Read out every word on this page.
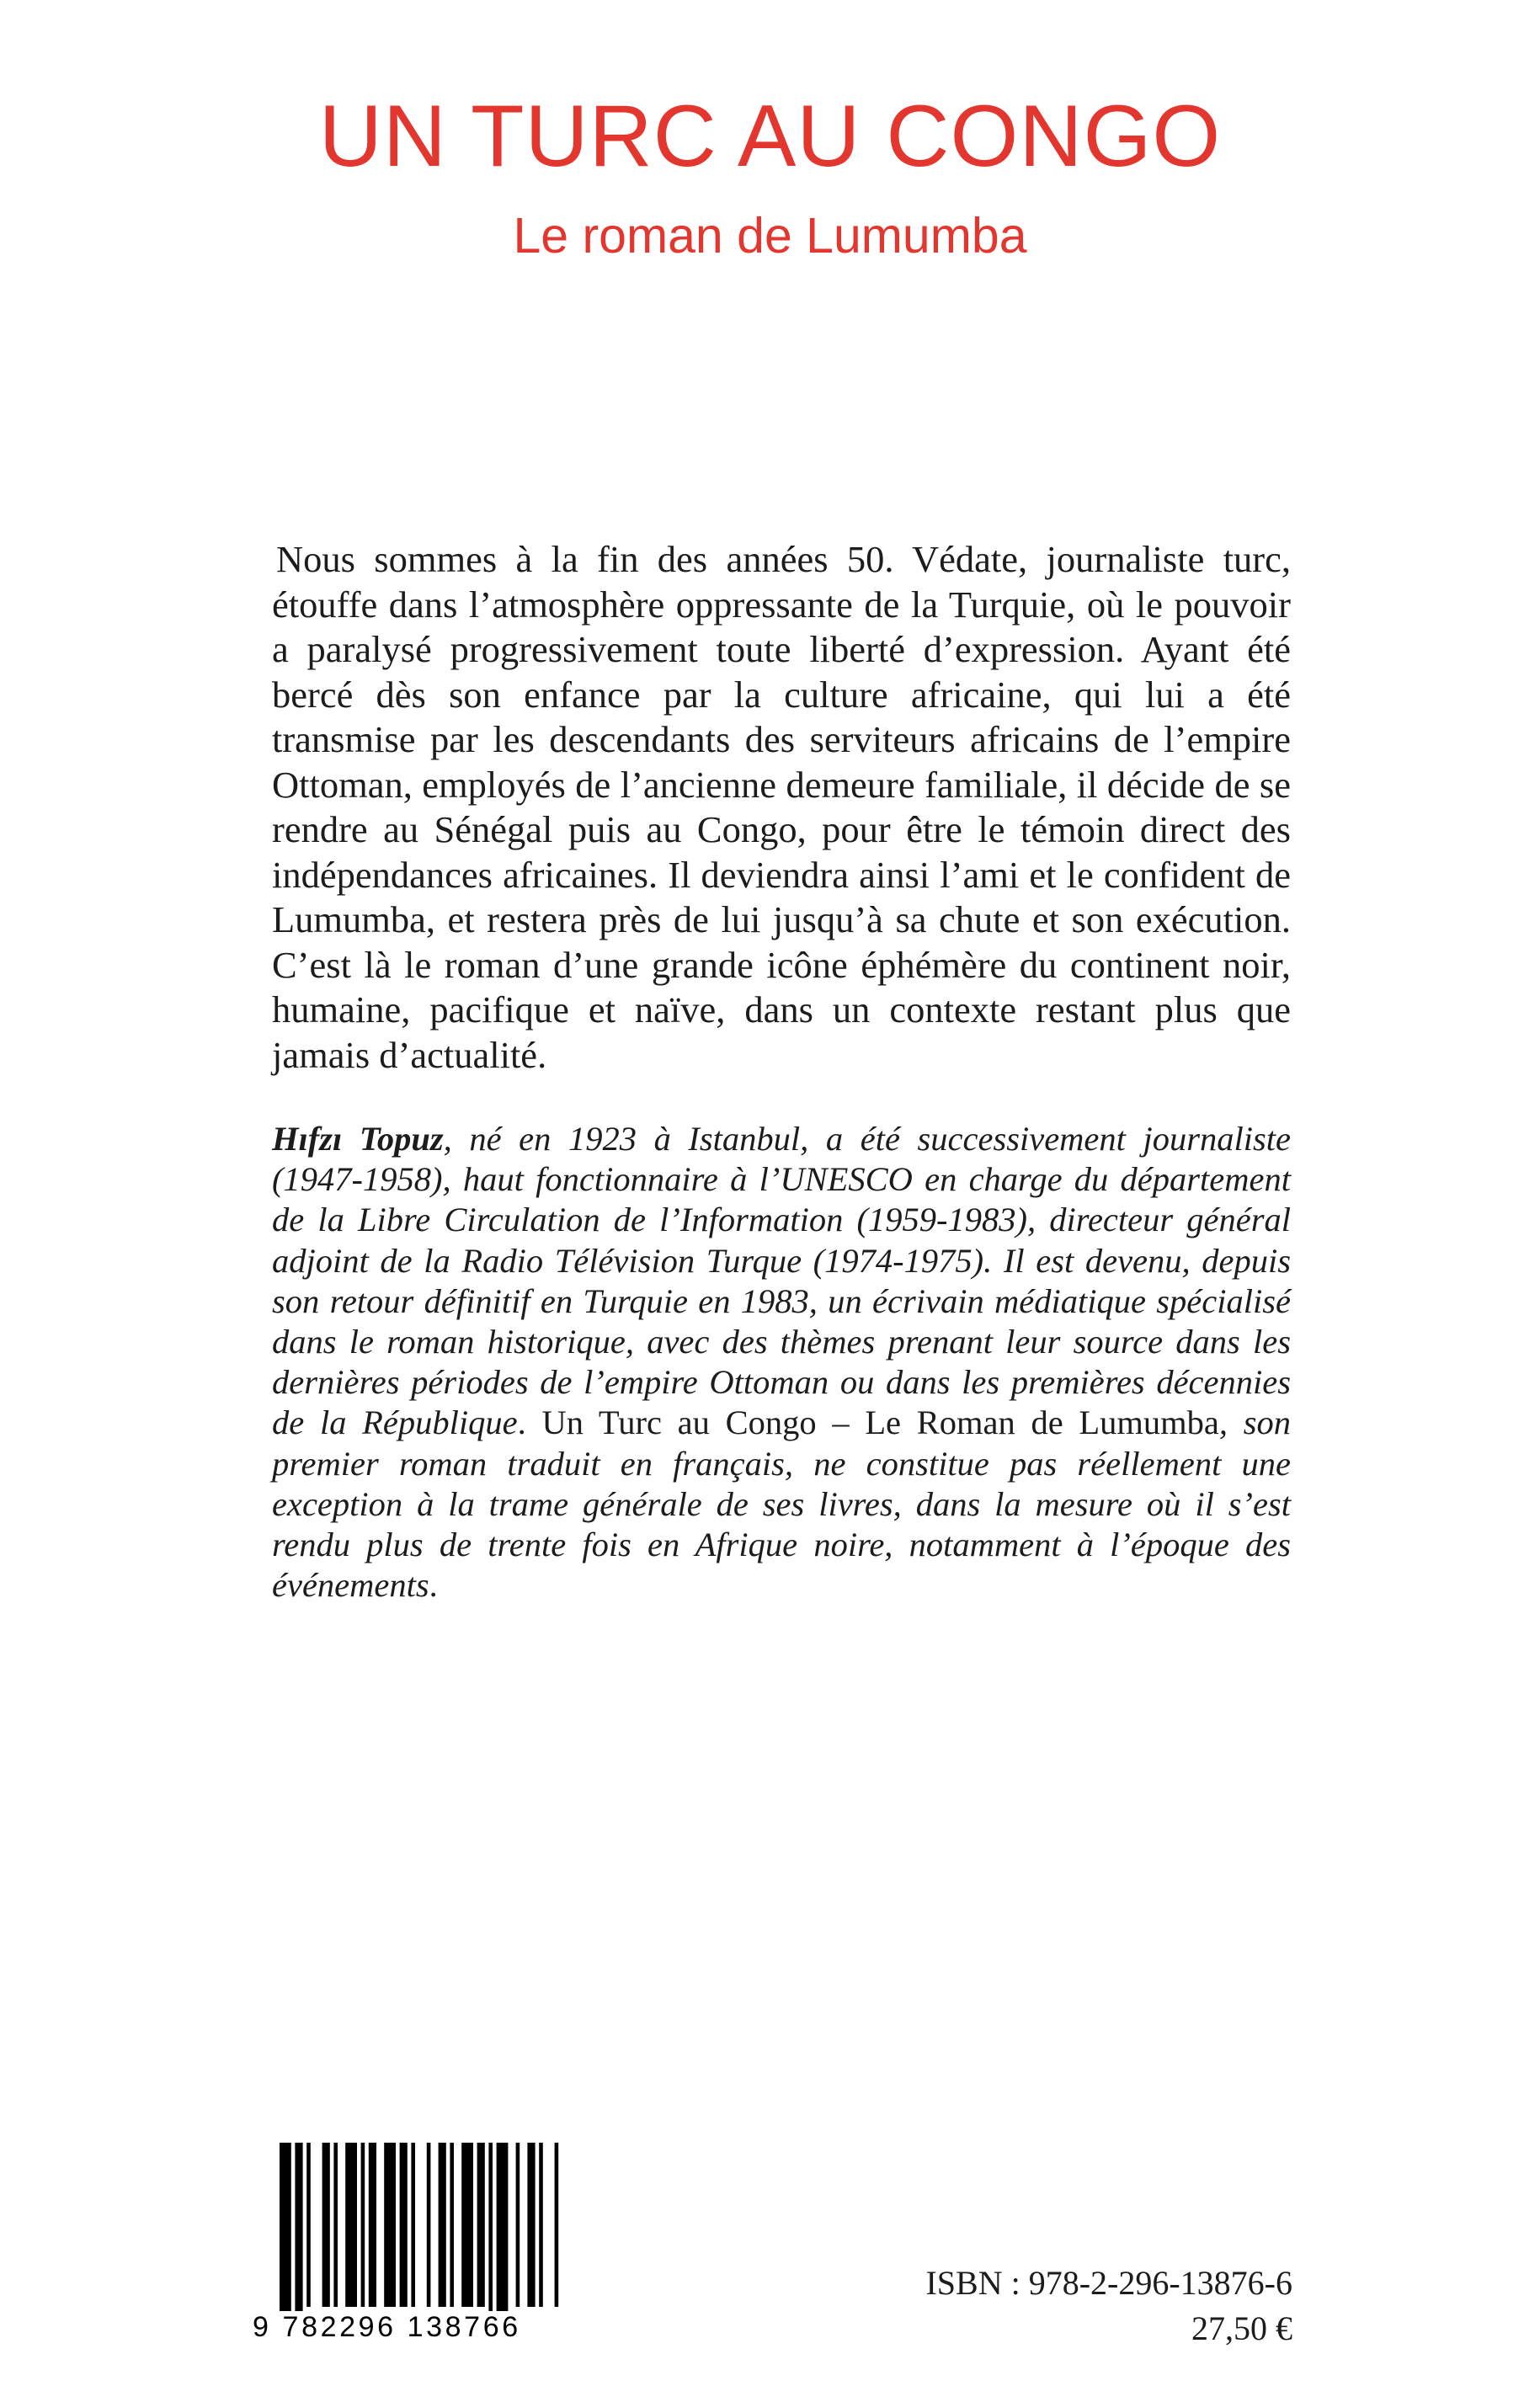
UN TURC AU CONGO
Le roman de Lumumba

Nous sommes à la fin des années 50. Védate, journaliste turc, étouffe dans l’atmosphère oppressante de la Turquie, où le pouvoir a paralysé progressivement toute liberté d’expression. Ayant été bercé dès son enfance par la culture africaine, qui lui a été transmise par les descendants des serviteurs africains de l’empire Ottoman, employés de l’ancienne demeure familiale, il décide de se rendre au Sénégal puis au Congo, pour être le témoin direct des indépendances africaines. Il deviendra ainsi l’ami et le confident de Lumumba, et restera près de lui jusqu’à sa chute et son exécution. C’est là le roman d’une grande icône éphémère du continent noir, humaine, pacifique et naïve, dans un contexte restant plus que jamais d’actualité.

Hıfzı Topuz, né en 1923 à Istanbul, a été successivement journaliste (1947-1958), haut fonctionnaire à l’UNESCO en charge du département de la Libre Circulation de l’Information (1959-1983), directeur général adjoint de la Radio Télévision Turque (1974-1975). Il est devenu, depuis son retour définitif en Turquie en 1983, un écrivain médiatique spécialisé dans le roman historique, avec des thèmes prenant leur source dans les dernières périodes de l’empire Ottoman ou dans les premières décennies de la République. Un Turc au Congo – Le Roman de Lumumba, son premier roman traduit en français, ne constitue pas réellement une exception à la trame générale de ses livres, dans la mesure où il s’est rendu plus de trente fois en Afrique noire, notamment à l’époque des événements.

9 782296 138766
ISBN : 978-2-296-13876-6
27,50 €
